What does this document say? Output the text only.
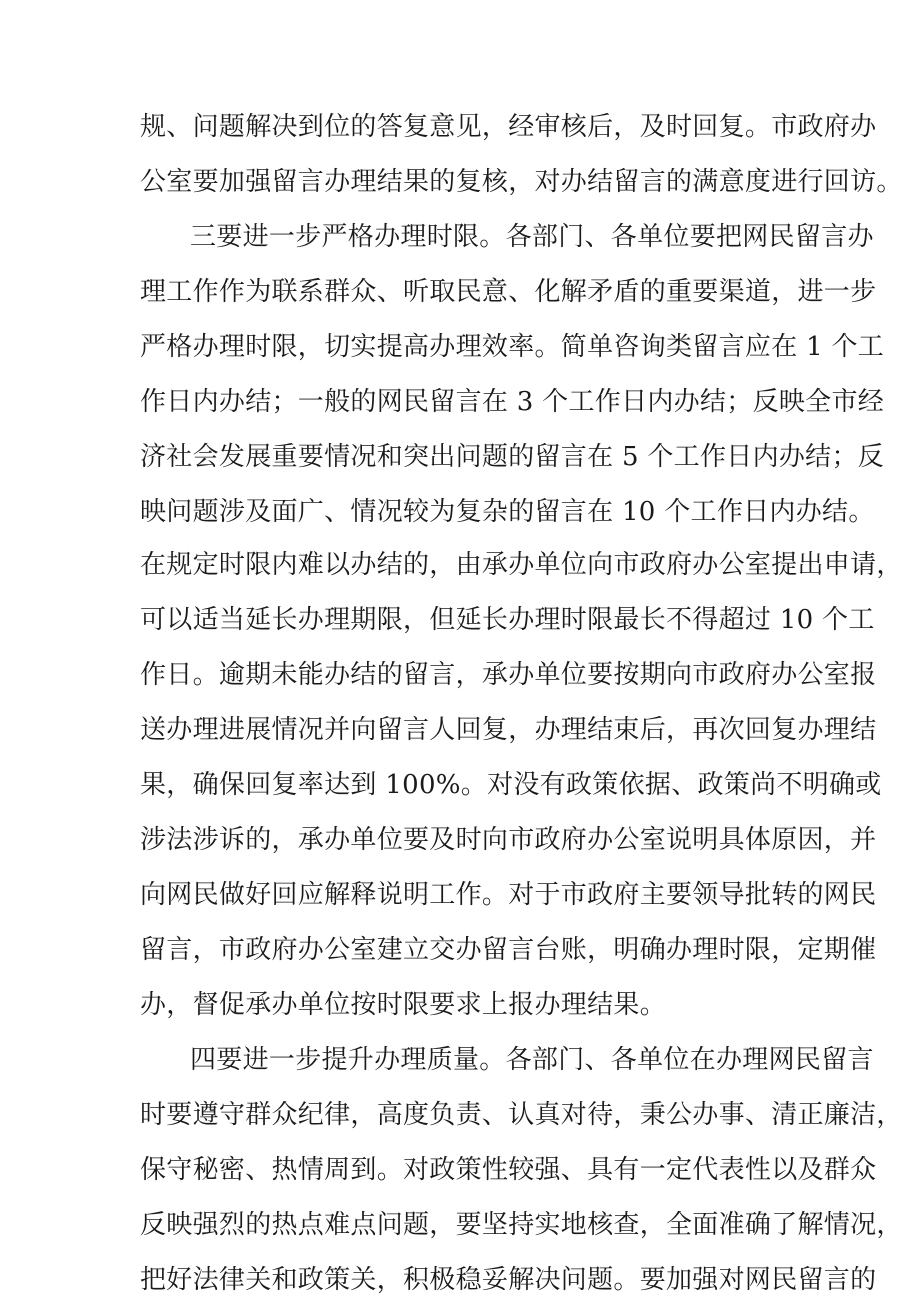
规、问题解决到位的答复意见，经审核后，及时回复。市政府办
公室要加强留言办理结果的复核，对办结留言的满意度进行回访。
三要进一步严格办理时限。各部门、各单位要把网民留言办
理工作作为联系群众、听取民意、化解矛盾的重要渠道，进一步
严格办理时限，切实提高办理效率。简单咨询类留言应在 1 个工
作日内办结；一般的网民留言在 3 个工作日内办结；反映全市经
济社会发展重要情况和突出问题的留言在 5 个工作日内办结；反
映问题涉及面广、情况较为复杂的留言在 10 个工作日内办结。
在规定时限内难以办结的，由承办单位向市政府办公室提出申请，
可以适当延长办理期限，但延长办理时限最长不得超过 10 个工
作日。逾期未能办结的留言，承办单位要按期向市政府办公室报
送办理进展情况并向留言人回复，办理结束后，再次回复办理结
果，确保回复率达到 100%。对没有政策依据、政策尚不明确或
涉法涉诉的，承办单位要及时向市政府办公室说明具体原因，并
向网民做好回应解释说明工作。对于市政府主要领导批转的网民
留言，市政府办公室建立交办留言台账，明确办理时限，定期催
办，督促承办单位按时限要求上报办理结果。
四要进一步提升办理质量。各部门、各单位在办理网民留言
时要遵守群众纪律，高度负责、认真对待，秉公办事、清正廉洁，
保守秘密、热情周到。对政策性较强、具有一定代表性以及群众
反映强烈的热点难点问题，要坚持实地核查，全面准确了解情况，
把好法律关和政策关，积极稳妥解决问题。要加强对网民留言的
